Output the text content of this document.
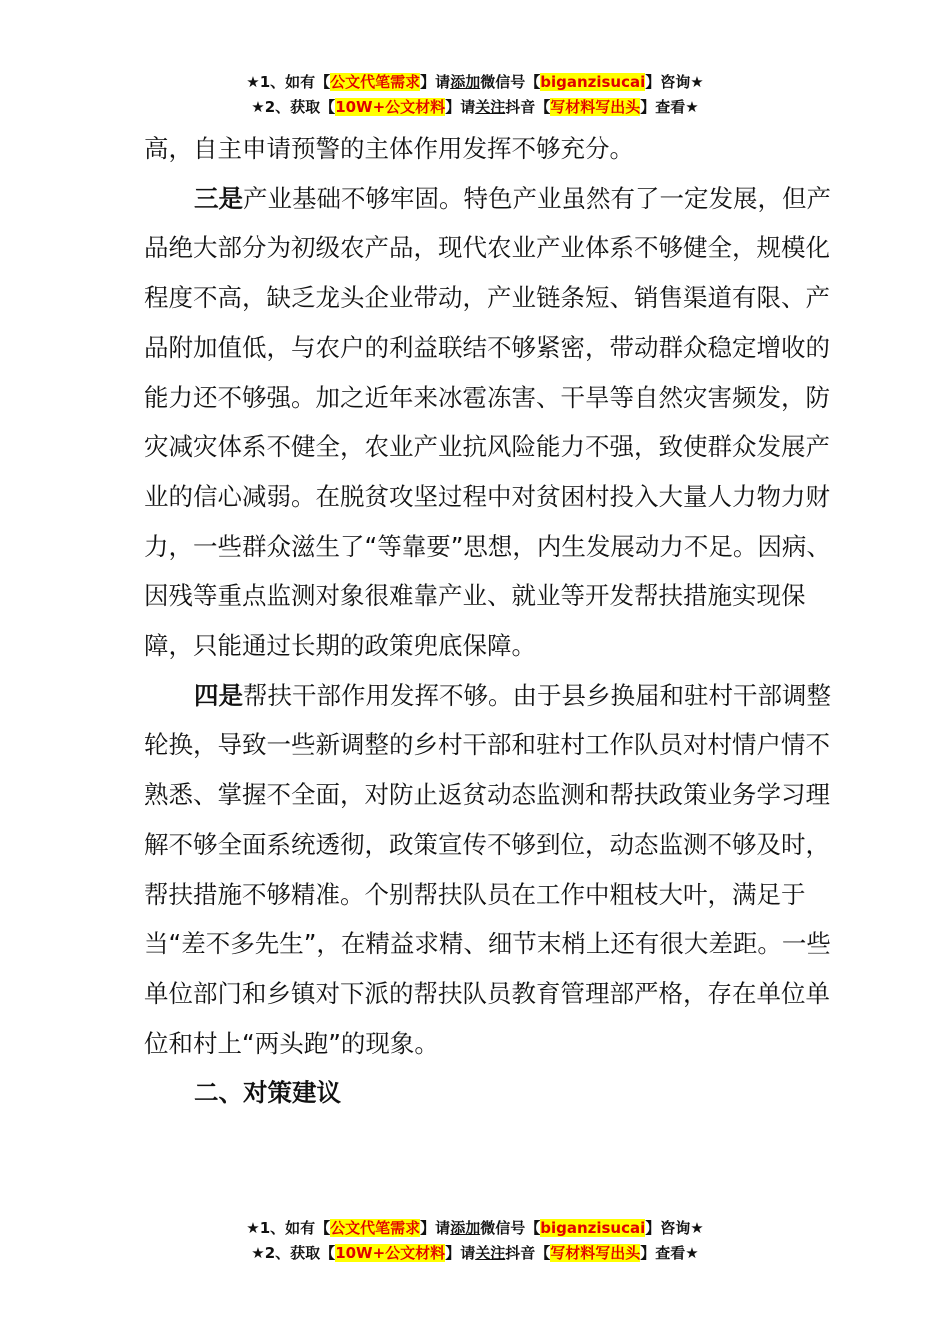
★1、如有【公文代笔需求】请添加微信号【biganzisucai】咨询★
★2、获取【10W+公文材料】请关注抖音【写材料写出头】查看★

高，自主申请预警的主体作用发挥不够充分。

三是产业基础不够牢固。特色产业虽然有了一定发展，但产品绝大部分为初级农产品，现代农业产业体系不够健全，规模化程度不高，缺乏龙头企业带动，产业链条短、销售渠道有限、产品附加值低，与农户的利益联结不够紧密，带动群众稳定增收的能力还不够强。加之近年来冰雹冻害、干旱等自然灾害频发，防灾减灾体系不健全，农业产业抗风险能力不强，致使群众发展产业的信心减弱。在脱贫攻坚过程中对贫困村投入大量人力物力财力，一些群众滋生了“等靠要”思想，内生发展动力不足。因病、因残等重点监测对象很难靠产业、就业等开发帮扶措施实现保障，只能通过长期的政策兜底保障。

四是帮扶干部作用发挥不够。由于县乡换届和驻村干部调整轮换，导致一些新调整的乡村干部和驻村工作队员对村情户情不熟悉、掌握不全面，对防止返贫动态监测和帮扶政策业务学习理解不够全面系统透彻，政策宣传不够到位，动态监测不够及时，帮扶措施不够精准。个别帮扶队员在工作中粗枝大叶，满足于当“差不多先生”，在精益求精、细节末梢上还有很大差距。一些单位部门和乡镇对下派的帮扶队员教育管理部严格，存在单位单位和村上“两头跑”的现象。

二、对策建议

★1、如有【公文代笔需求】请添加微信号【biganzisucai】咨询★
★2、获取【10W+公文材料】请关注抖音【写材料写出头】查看★
